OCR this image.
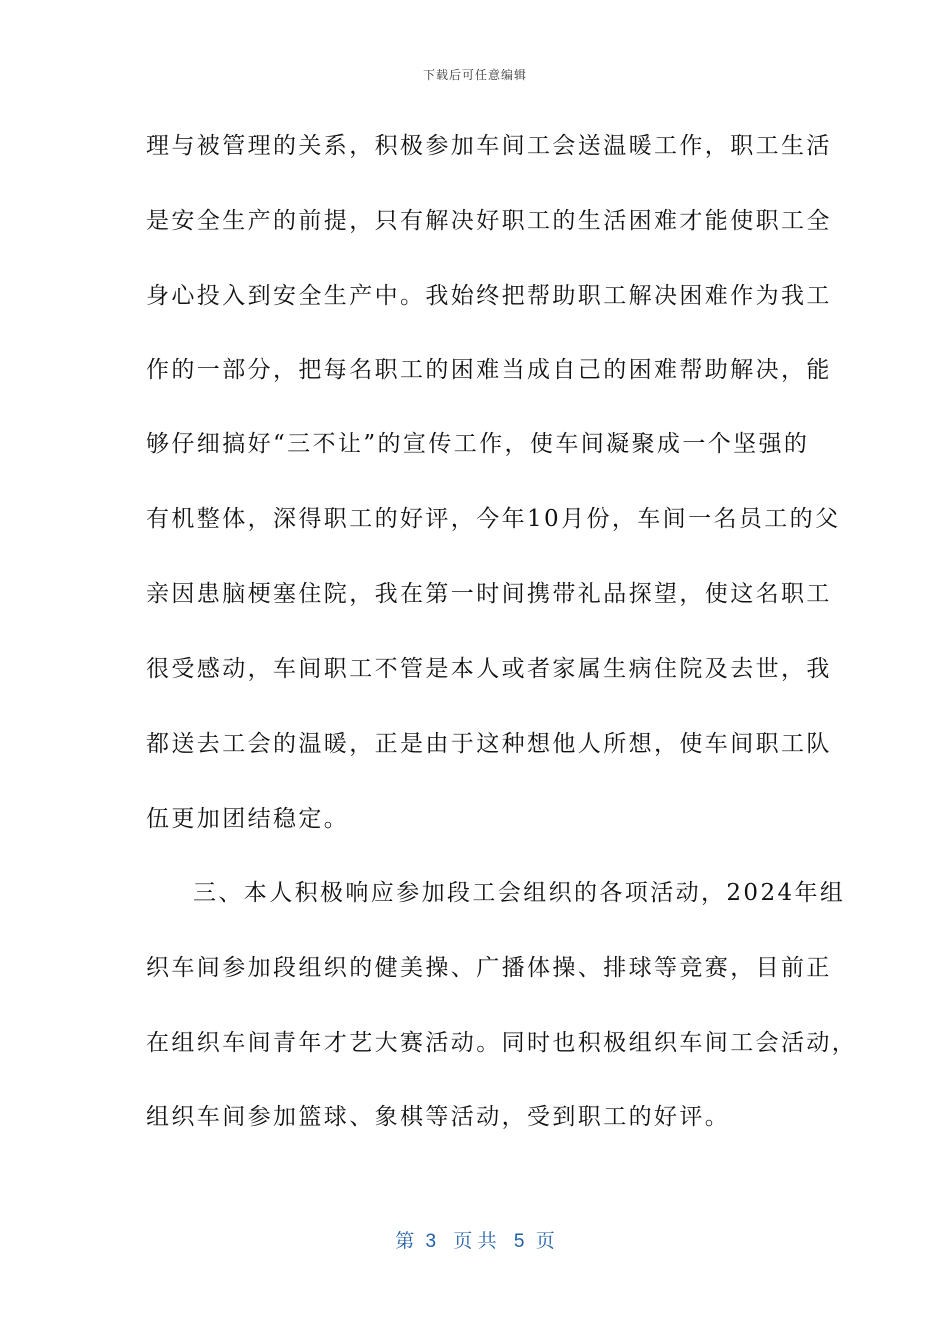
下载后可任意编辑
理与被管理的关系，积极参加车间工会送温暖工作，职工生活
是安全生产的前提，只有解决好职工的生活困难才能使职工全
身心投入到安全生产中。我始终把帮助职工解决困难作为我工
作的一部分，把每名职工的困难当成自己的困难帮助解决，能
够仔细搞好“三不让”的宣传工作，使车间凝聚成一个坚强的
有机整体，深得职工的好评，今年10月份，车间一名员工的父
亲因患脑梗塞住院，我在第一时间携带礼品探望，使这名职工
很受感动，车间职工不管是本人或者家属生病住院及去世，我
都送去工会的温暖，正是由于这种想他人所想，使车间职工队
伍更加团结稳定。
三、本人积极响应参加段工会组织的各项活动，2024年组
织车间参加段组织的健美操、广播体操、排球等竞赛，目前正
在组织车间青年才艺大赛活动。同时也积极组织车间工会活动，
组织车间参加篮球、象棋等活动，受到职工的好评。
第 3 页 共 5 页
